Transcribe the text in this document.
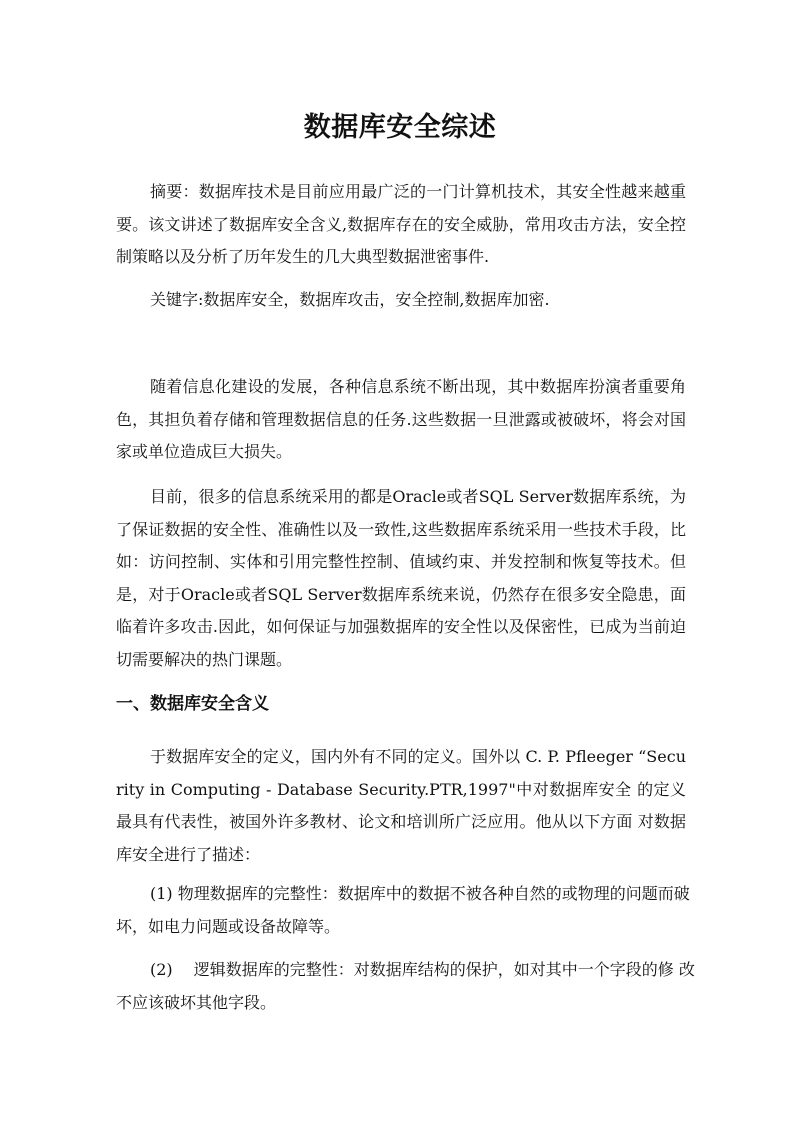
数据库安全综述

摘要：数据库技术是目前应用最广泛的一门计算机技术，其安全性越来越重要。该文讲述了数据库安全含义,数据库存在的安全威胁，常用攻击方法，安全控制策略以及分析了历年发生的几大典型数据泄密事件.

关键字:数据库安全，数据库攻击，安全控制,数据库加密.

随着信息化建设的发展，各种信息系统不断出现，其中数据库扮演者重要角色，其担负着存储和管理数据信息的任务.这些数据一旦泄露或被破坏，将会对国家或单位造成巨大损失。

目前，很多的信息系统采用的都是Oracle或者SQL Server数据库系统，为了保证数据的安全性、准确性以及一致性,这些数据库系统采用一些技术手段，比如：访问控制、实体和引用完整性控制、值域约束、并发控制和恢复等技术。但是，对于Oracle或者SQL Server数据库系统来说，仍然存在很多安全隐患，面临着许多攻击.因此，如何保证与加强数据库的安全性以及保密性，已成为当前迫切需要解决的热门课题。

一、数据库安全含义

于数据库安全的定义，国内外有不同的定义。国外以 C. P. Pfleeger “Security in Computing - Database Security.PTR,1997"中对数据库安全 的定义最具有代表性，被国外许多教材、论文和培训所广泛应用。他从以下方面 对数据库安全进行了描述：

(1) 物理数据库的完整性：数据库中的数据不被各种自然的或物理的问题而破坏，如电力问题或设备故障等。

(2)　 逻辑数据库的完整性：对数据库结构的保护，如对其中一个字段的修 改不应该破坏其他字段。
